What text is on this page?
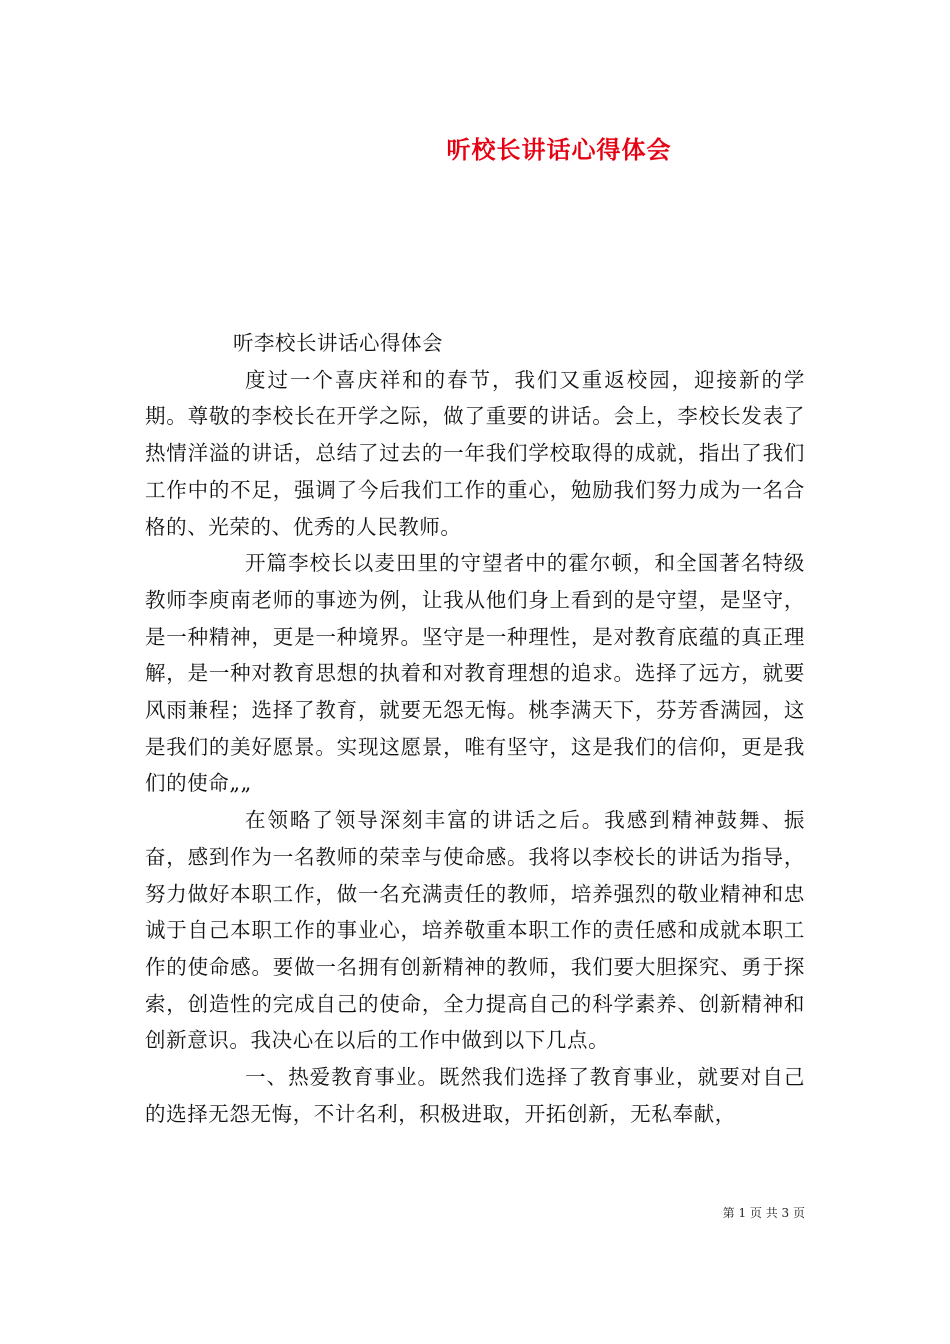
听校长讲话心得体会

听李校长讲话心得体会

度过一个喜庆祥和的春节，我们又重返校园，迎接新的学期。尊敬的李校长在开学之际，做了重要的讲话。会上，李校长发表了热情洋溢的讲话，总结了过去的一年我们学校取得的成就，指出了我们工作中的不足，强调了今后我们工作的重心，勉励我们努力成为一名合格的、光荣的、优秀的人民教师。

开篇李校长以麦田里的守望者中的霍尔顿，和全国著名特级教师李庾南老师的事迹为例，让我从他们身上看到的是守望，是坚守，是一种精神，更是一种境界。坚守是一种理性，是对教育底蕴的真正理解，是一种对教育思想的执着和对教育理想的追求。选择了远方，就要风雨兼程；选择了教育，就要无怨无悔。桃李满天下，芬芳香满园，这是我们的美好愿景。实现这愿景，唯有坚守，这是我们的信仰，更是我们的使命„„

在领略了领导深刻丰富的讲话之后。我感到精神鼓舞、振奋，感到作为一名教师的荣幸与使命感。我将以李校长的讲话为指导，努力做好本职工作，做一名充满责任的教师，培养强烈的敬业精神和忠诚于自己本职工作的事业心，培养敬重本职工作的责任感和成就本职工作的使命感。要做一名拥有创新精神的教师，我们要大胆探究、勇于探索，创造性的完成自己的使命，全力提高自己的科学素养、创新精神和创新意识。我决心在以后的工作中做到以下几点。

一、热爱教育事业。既然我们选择了教育事业，就要对自己的选择无怨无悔，不计名利，积极进取，开拓创新，无私奉献，

第 1 页 共 3 页
